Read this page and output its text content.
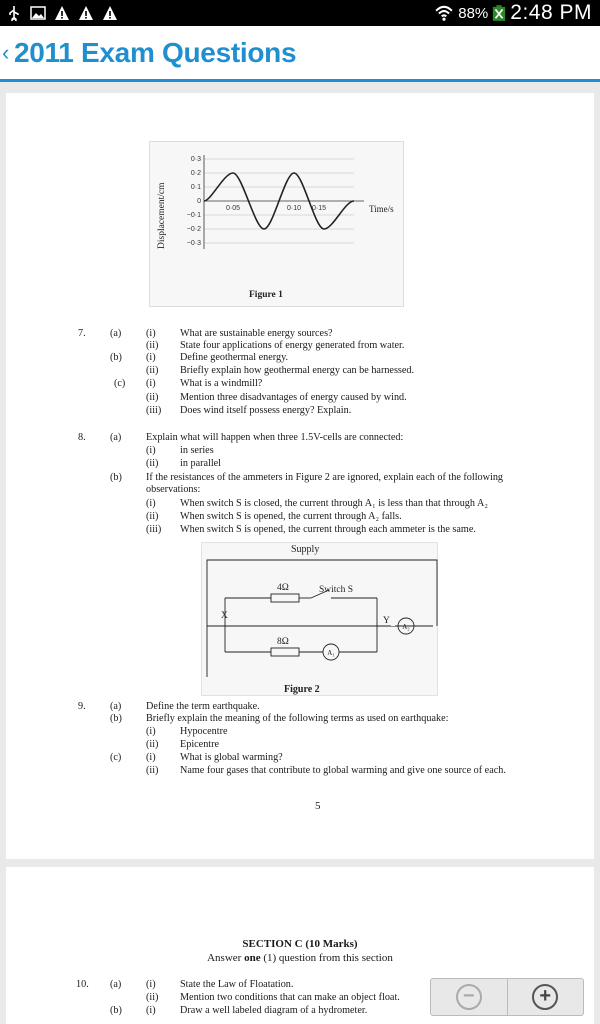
88% 2:48 PM
‹ 2011 Exam Questions
0·3
0·2
0·1
0
−0·1
−0·2
−0·3
0·05	0·10 0·15	Time/s
Displacement/cm
Figure 1
7. (a) (i) What are sustainable energy sources?
(ii) State four applications of energy generated from water.
(b) (i) Define geothermal energy.
(ii) Briefly explain how geothermal energy can be harnessed.
(c) (i) What is a windmill?
(ii) Mention three disadvantages of energy caused by wind.
(iii) Does wind itself possess energy? Explain.
8. (a) Explain what will happen when three 1.5V-cells are connected:
(i) in series
(ii) in parallel
(b) If the resistances of the ammeters in Figure 2 are ignored, explain each of the following
observations:
(i) When switch S is closed, the current through A₁ is less than that through A₂
(ii) When switch S is opened, the current through A₂ falls.
(iii) When switch S is opened, the current through each ammeter is the same.
Supply
4Ω	Switch S
X	Y
8Ω
A₁
A₂
Figure 2
9. (a) Define the term earthquake.
(b) Briefly explain the meaning of the following terms as used on earthquake:
(i) Hypocentre
(ii) Epicentre
(c) (i) What is global warming?
(ii) Name four gases that contribute to global warming and give one source of each.
5
SECTION C (10 Marks)
Answer one (1) question from this section
10. (a) (i) State the Law of Floatation.
(ii) Mention two conditions that can make an object float.
(b) (i) Draw a well labeled diagram of a hydrometer.
−	+
